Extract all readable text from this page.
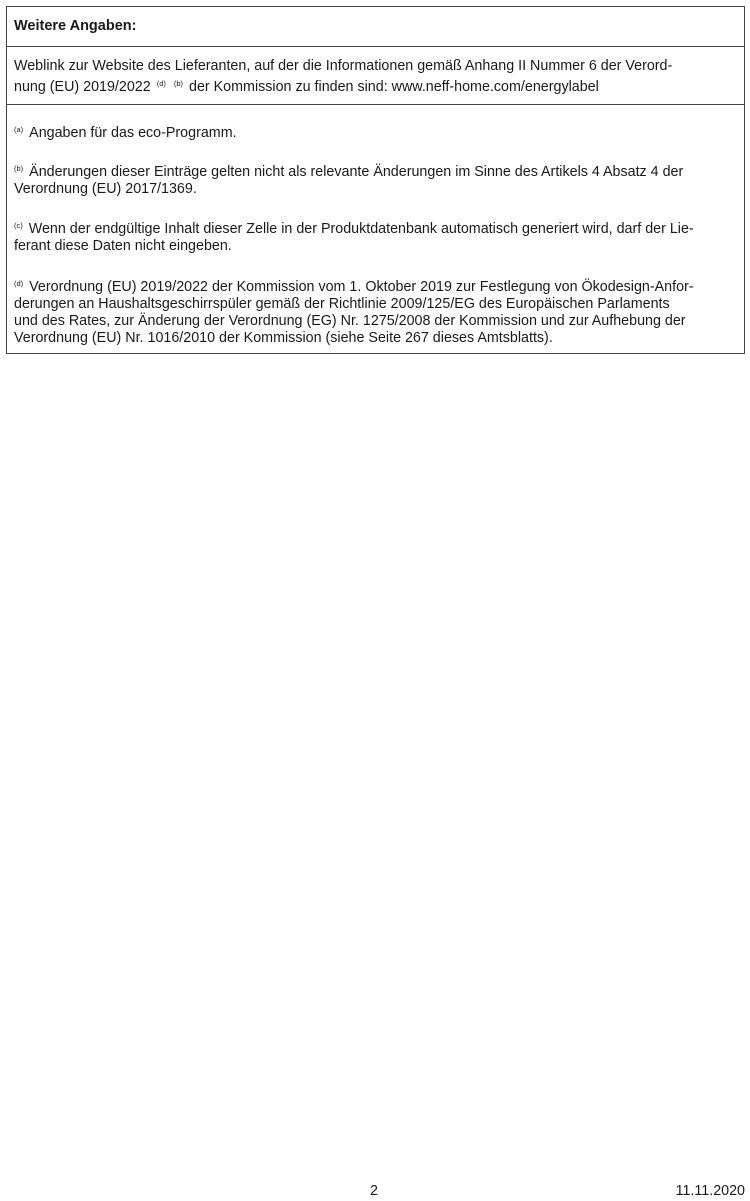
Weitere Angaben:
Weblink zur Website des Lieferanten, auf der die Informationen gemäß Anhang II Nummer 6 der Verord-
nung (EU) 2019/2022 $^{(d)}$ $^{(b)}$ der Kommission zu finden sind: www.neff-home.com/energylabel
$^{(a)}$ Angaben für das eco-Programm.
$^{(b)}$ Änderungen dieser Einträge gelten nicht als relevante Änderungen im Sinne des Artikels 4 Absatz 4 der
Verordnung (EU) 2017/1369.
$^{(c)}$ Wenn der endgültige Inhalt dieser Zelle in der Produktdatenbank automatisch generiert wird, darf der Lie-
ferant diese Daten nicht eingeben.
$^{(d)}$ Verordnung (EU) 2019/2022 der Kommission vom 1. Oktober 2019 zur Festlegung von Ökodesign-Anfor-
derungen an Haushaltsgeschirrspüler gemäß der Richtlinie 2009/125/EG des Europäischen Parlaments
und des Rates, zur Änderung der Verordnung (EG) Nr. 1275/2008 der Kommission und zur Aufhebung der
Verordnung (EU) Nr. 1016/2010 der Kommission (siehe Seite 267 dieses Amtsblatts).
2	11.11.2020
